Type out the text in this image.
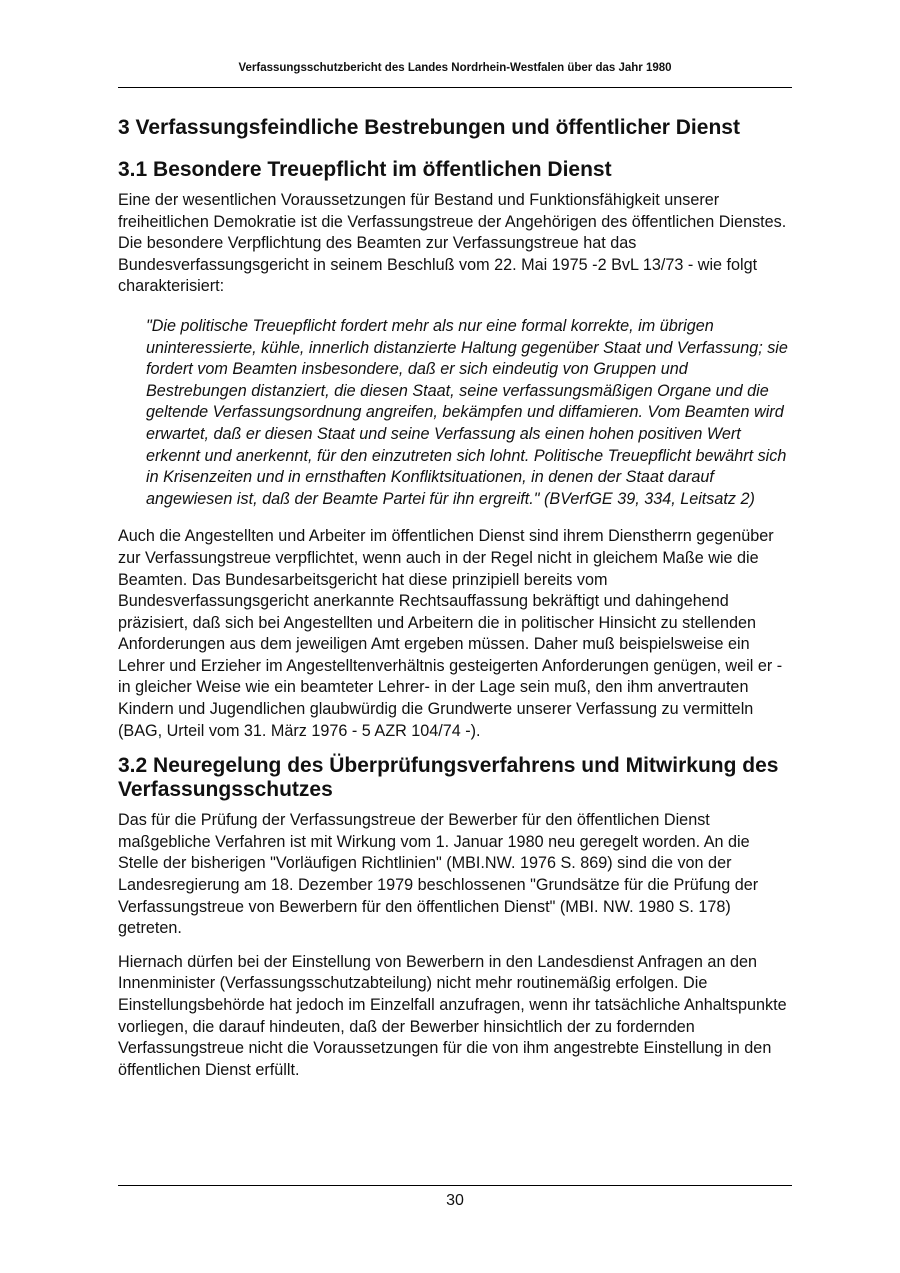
Verfassungsschutzbericht des Landes Nordrhein-Westfalen über das Jahr 1980
3 Verfassungsfeindliche Bestrebungen und öffentlicher Dienst
3.1 Besondere Treuepflicht im öffentlichen Dienst

Eine der wesentlichen Voraussetzungen für Bestand und Funktionsfähigkeit unserer freiheitlichen Demokratie ist die Verfassungstreue der Angehörigen des öffentlichen Dienstes. Die besondere Verpflichtung des Beamten zur Verfassungstreue hat das Bundesverfassungsgericht in seinem Beschluß vom 22. Mai 1975 -2 BvL 13/73 - wie folgt charakterisiert:

"Die politische Treuepflicht fordert mehr als nur eine formal korrekte, im übrigen uninteressierte, kühle, innerlich distanzierte Haltung gegenüber Staat und Verfassung; sie fordert vom Beamten insbesondere, daß er sich eindeutig von Gruppen und Bestrebungen distanziert, die diesen Staat, seine verfassungsmäßigen Organe und die geltende Verfassungsordnung angreifen, bekämpfen und diffamieren. Vom Beamten wird erwartet, daß er diesen Staat und seine Verfassung als einen hohen positiven Wert erkennt und anerkennt, für den einzutreten sich lohnt. Politische Treuepflicht bewährt sich in Krisenzeiten und in ernsthaften Konfliktsituationen, in denen der Staat darauf angewiesen ist, daß der Beamte Partei für ihn ergreift." (BVerfGE 39, 334, Leitsatz 2)

Auch die Angestellten und Arbeiter im öffentlichen Dienst sind ihrem Dienstherrn gegenüber zur Verfassungstreue verpflichtet, wenn auch in der Regel nicht in gleichem Maße wie die Beamten. Das Bundesarbeitsgericht hat diese prinzipiell bereits vom Bundesverfassungsgericht anerkannte Rechtsauffassung bekräftigt und dahingehend präzisiert, daß sich bei Angestellten und Arbeitern die in politischer Hinsicht zu stellenden Anforderungen aus dem jeweiligen Amt ergeben müssen. Daher muß beispielsweise ein Lehrer und Erzieher im Angestelltenverhältnis gesteigerten Anforderungen genügen, weil er - in gleicher Weise wie ein beamteter Lehrer- in der Lage sein muß, den ihm anvertrauten Kindern und Jugendlichen glaubwürdig die Grundwerte unserer Verfassung zu vermitteln (BAG, Urteil vom 31. März 1976 - 5 AZR 104/74 -).

3.2 Neuregelung des Überprüfungsverfahrens und Mitwirkung des Verfassungsschutzes

Das für die Prüfung der Verfassungstreue der Bewerber für den öffentlichen Dienst maßgebliche Verfahren ist mit Wirkung vom 1. Januar 1980 neu geregelt worden. An die Stelle der bisherigen "Vorläufigen Richtlinien" (MBI.NW. 1976 S. 869) sind die von der Landesregierung am 18. Dezember 1979 beschlossenen "Grundsätze für die Prüfung der Verfassungstreue von Bewerbern für den öffentlichen Dienst" (MBI. NW. 1980 S. 178) getreten.

Hiernach dürfen bei der Einstellung von Bewerbern in den Landesdienst Anfragen an den Innenminister (Verfassungsschutzabteilung) nicht mehr routinemäßig erfolgen. Die Einstellungsbehörde hat jedoch im Einzelfall anzufragen, wenn ihr tatsächliche Anhaltspunkte vorliegen, die darauf hindeuten, daß der Bewerber hinsichtlich der zu fordernden Verfassungstreue nicht die Voraussetzungen für die von ihm angestrebte Einstellung in den öffentlichen Dienst erfüllt.

30
